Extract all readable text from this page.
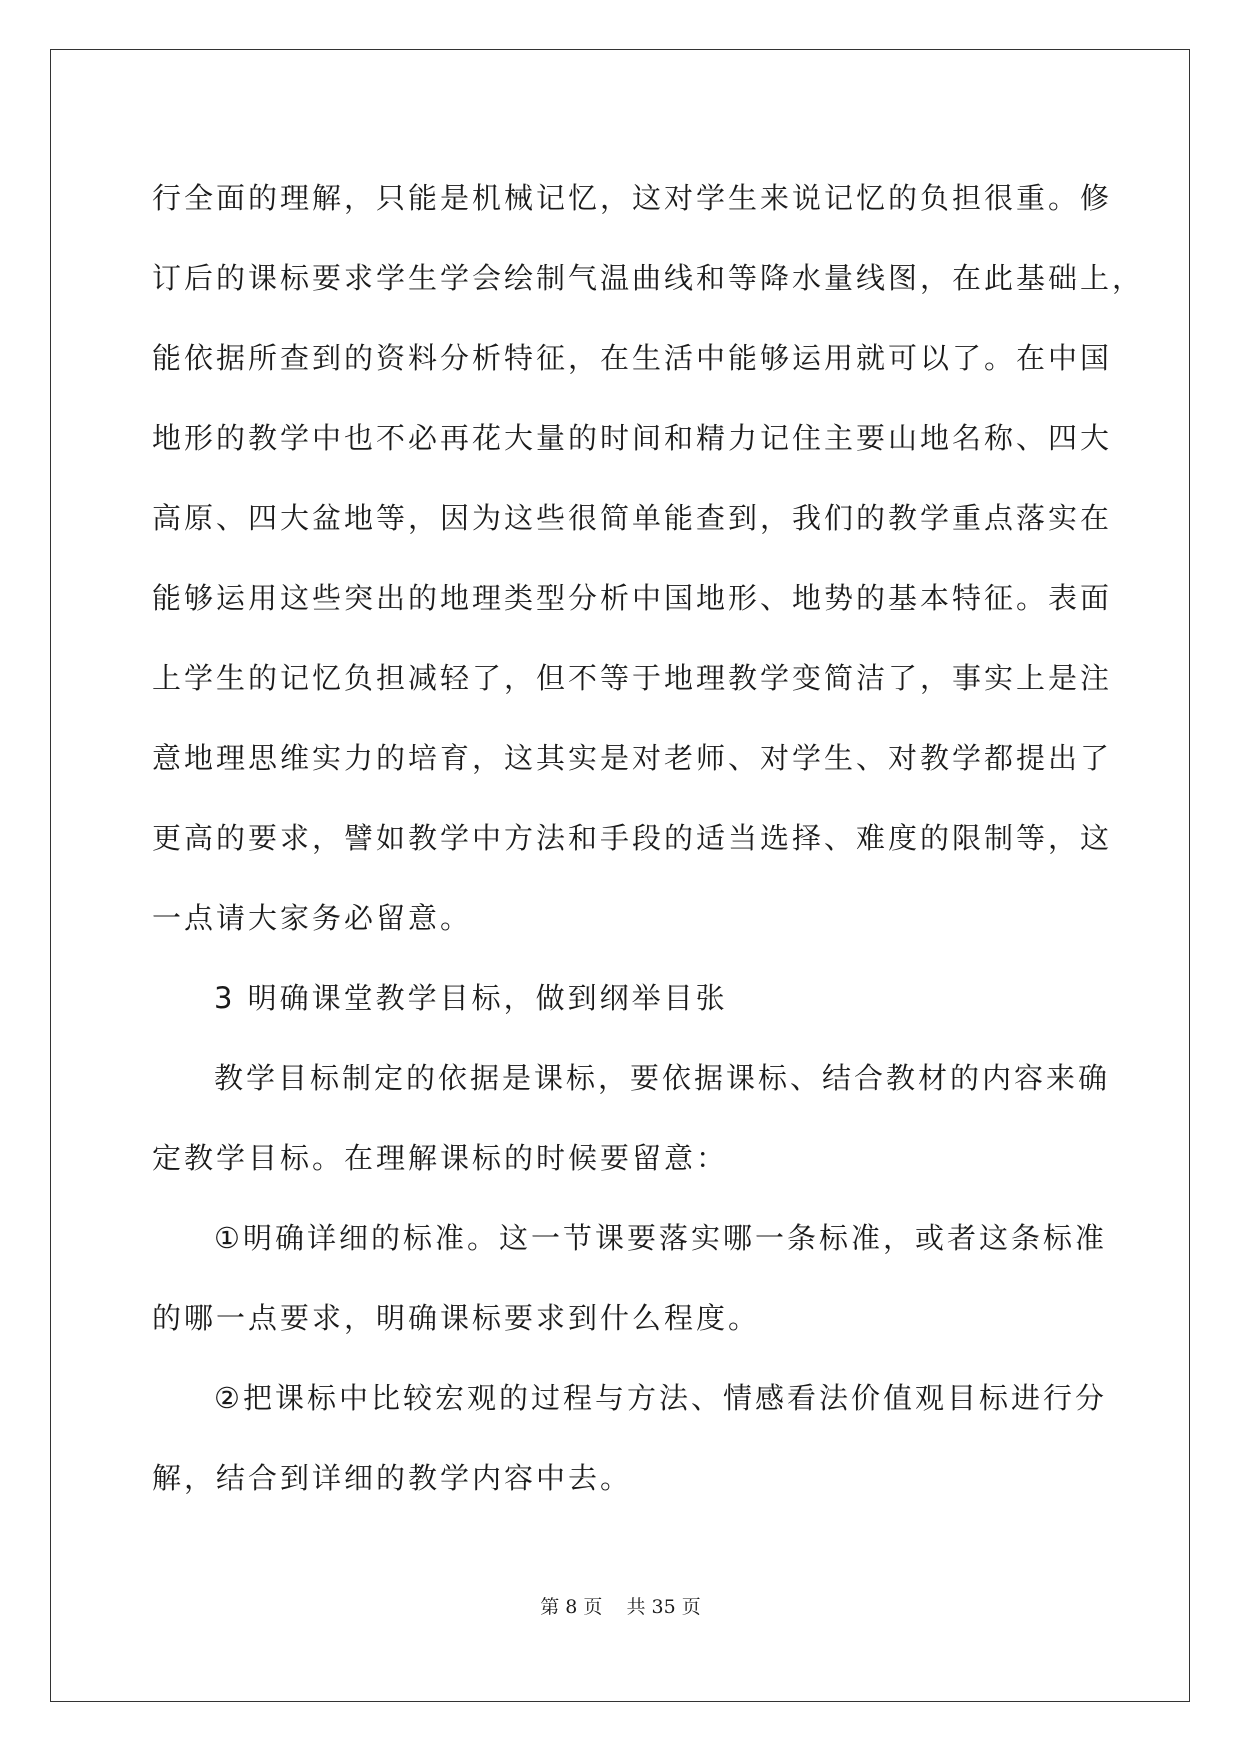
行全面的理解，只能是机械记忆，这对学生来说记忆的负担很重。修
订后的课标要求学生学会绘制气温曲线和等降水量线图，在此基础上，
能依据所查到的资料分析特征，在生活中能够运用就可以了。在中国
地形的教学中也不必再花大量的时间和精力记住主要山地名称、四大
高原、四大盆地等，因为这些很简单能查到，我们的教学重点落实在
能够运用这些突出的地理类型分析中国地形、地势的基本特征。表面
上学生的记忆负担减轻了，但不等于地理教学变简洁了，事实上是注
意地理思维实力的培育，这其实是对老师、对学生、对教学都提出了
更高的要求，譬如教学中方法和手段的适当选择、难度的限制等，这
一点请大家务必留意。
3 明确课堂教学目标，做到纲举目张
教学目标制定的依据是课标，要依据课标、结合教材的内容来确
定教学目标。在理解课标的时候要留意：
①明确详细的标准。这一节课要落实哪一条标准，或者这条标准
的哪一点要求，明确课标要求到什么程度。
②把课标中比较宏观的过程与方法、情感看法价值观目标进行分
解，结合到详细的教学内容中去。
第 8 页 共 35 页
